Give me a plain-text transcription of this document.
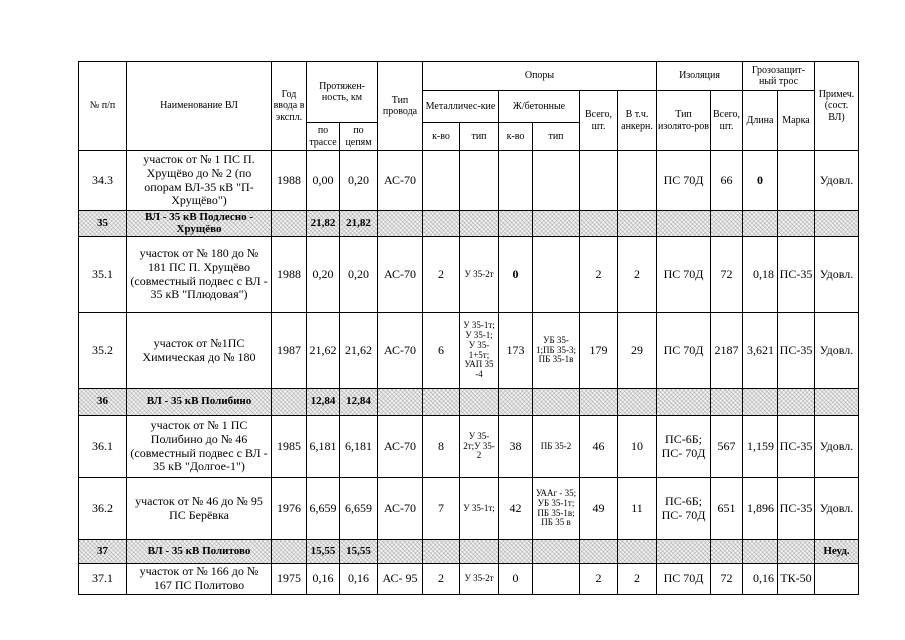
№ п/п	Наименование ВЛ	Год ввода в экспл.	Протяжен-ность, км		Тип провода	Опоры						Изоляция		Грозозащит-ный трос		Примеч. (сост. ВЛ)
						Металличес-кие		Ж/бетонные		Всего, шт.	В т.ч. анкерн.	Тип изолято-ров	Всего, шт.	Длина	Марка	
			по трассе	по цепям		к-во	тип	к-во	тип							
34.3	участок от № 1 ПС П. Хрущёво до № 2 (по опорам ВЛ-35 кВ "П-Хрущёво")	1988	0,00	0,20	АС-70							ПС 70Д	66	0		Удовл.
35	ВЛ - 35 кВ Подлесно - Хрущёво		21,82	21,82												
35.1	участок от № 180 до № 181 ПС П. Хрущёво (совместный подвес с ВЛ - 35 кВ "Плюдовая")	1988	0,20	0,20	АС-70	2	У 35-2т	0		2	2	ПС 70Д	72	0,18	ПС-35	Удовл.
35.2	участок от №1ПС Химическая до № 180	1987	21,62	21,62	АС-70	6	У 35-1т; У 35-1; У 35-1+5т; УАП 35 -4	173	УБ 35-1;ПБ 35-3; ПБ 35-1в	179	29	ПС 70Д	2187	3,621	ПС-35	Удовл.
36	ВЛ - 35 кВ Полибино		12,84	12,84												
36.1	участок от № 1 ПС Полибино до № 46 (совместный подвес с ВЛ - 35 кВ "Долгое-1")	1985	6,181	6,181	АС-70	8	У 35-2т;У 35-2	38	ПБ 35-2	46	10	ПС-6Б; ПС- 70Д	567	1,159	ПС-35	Удовл.
36.2	участок от № 46 до № 95 ПС Берёвка	1976	6,659	6,659	АС-70	7	У 35-1т;	42	УААг - 35; УБ 35-1т; ПБ 35-1в; ПБ 35 в	49	11	ПС-6Б; ПС- 70Д	651	1,896	ПС-35	Удовл.
37	ВЛ - 35 кВ Политово		15,55	15,55												Неуд.
37.1	участок от № 166 до № 167 ПС Политово	1975	0,16	0,16	АС- 95	2	У 35-2т	0		2	2	ПС 70Д	72	0,16	ТК-50	
